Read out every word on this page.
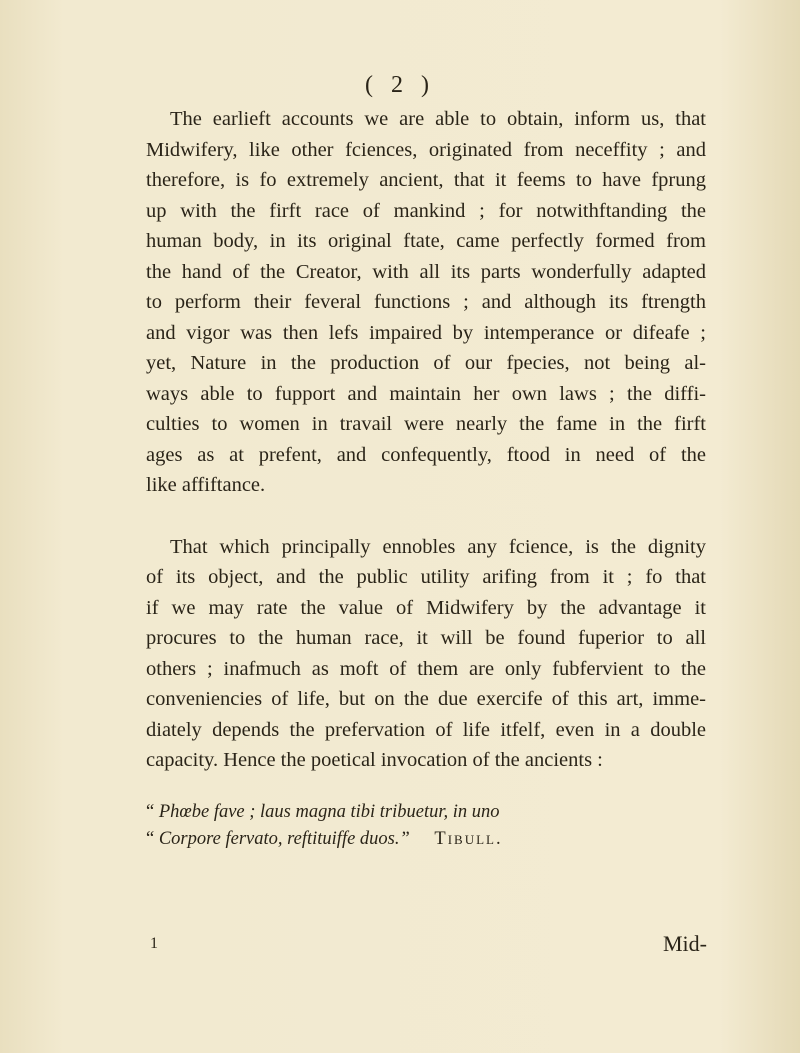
( 2 )

The earlieft accounts we are able to obtain, inform us, that

Midwifery, like other fciences, originated from neceffity ; and

therefore, is fo extremely ancient, that it feems to have fprung

up with the firft race of mankind ; for notwithftanding the

human body, in its original ftate, came perfectly formed from

the hand of the Creator, with all its parts wonderfully adapted

to perform their feveral functions ; and although its ftrength

and vigor was then lefs impaired by intemperance or difeafe ;

yet, Nature in the production of our fpecies, not being al-

ways able to fupport and maintain her own laws ; the diffi-

culties to women in travail were nearly the fame in the firft

ages as at prefent, and confequently, ftood in need of the

like affiftance.

That which principally ennobles any fcience, is the dignity

of its object, and the public utility arifing from it ; fo that

if we may rate the value of Midwifery by the advantage it

procures to the human race, it will be found fuperior to all

others ; inafmuch as moft of them are only fubfervient to the

conveniencies of life, but on the due exercife of this art, imme-

diately depends the prefervation of life itfelf, even in a double

capacity. Hence the poetical invocation of the ancients :

“ Phœbe fave ; laus magna tibi tribuetur, in uno
“ Corpore fervato, reftituiffe duos.” Tibull.
1	Mid-
